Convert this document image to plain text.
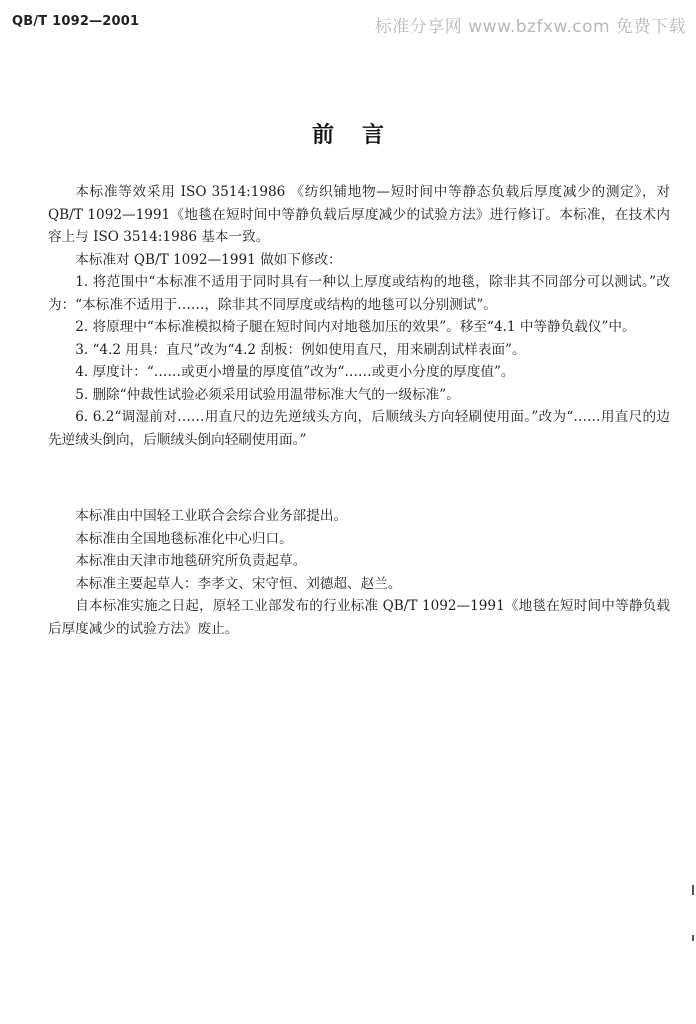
QB/T 1092—2001	标准分享网 www.bzfxw.com 免费下载
前言

本标准等效采用 ISO 3514:1986 《纺织铺地物—短时间中等静态负载后厚度减少的测定》，对 QB/T 1092—1991《地毯在短时间中等静负载后厚度减少的试验方法》进行修订。本标准，在技术内容上与 ISO 3514:1986 基本一致。

本标准对 QB/T 1092—1991 做如下修改：

1. 将范围中“本标准不适用于同时具有一种以上厚度或结构的地毯，除非其不同部分可以测试。”改为：“本标准不适用于……，除非其不同厚度或结构的地毯可以分别测试”。

2. 将原理中“本标准模拟椅子腿在短时间内对地毯加压的效果”。移至“4.1 中等静负载仪”中。

3. “4.2 用具：直尺”改为“4.2 刮板：例如使用直尺，用来刷刮试样表面”。

4. 厚度计：“……或更小增量的厚度值”改为“……或更小分度的厚度值”。

5. 删除“仲裁性试验必须采用试验用温带标准大气的一级标准”。

6. 6.2“调湿前对……用直尺的边先逆绒头方向，后顺绒头方向轻刷使用面。”改为“……用直尺的边先逆绒头倒向，后顺绒头倒向轻刷使用面。”

本标准由中国轻工业联合会综合业务部提出。

本标准由全国地毯标准化中心归口。

本标准由天津市地毯研究所负责起草。

本标准主要起草人：李孝文、宋守恒、刘德超、赵兰。

自本标准实施之日起，原轻工业部发布的行业标准 QB/T 1092—1991《地毯在短时间中等静负载后厚度减少的试验方法》废止。
